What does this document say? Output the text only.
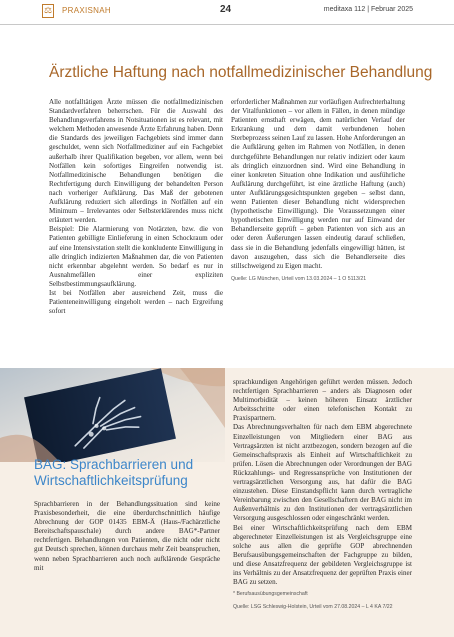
⚖ PRAXISNAH	24	meditaxa 112 | Februar 2025
Ärztliche Haftung nach notfallmedizinischer Behandlung

Alle notfalltätigen Ärzte müssen die notfallmedizinischen Standardverfahren beherrschen. Für die Auswahl des Behandlungsverfahrens in Notsituationen ist es relevant, mit welchem Methoden anwesende Ärzte Erfahrung haben. Denn die Standards des jeweiligen Fachgebiets sind immer dann geschuldet, wenn sich Notfallmediziner auf ein Fachgebiet außerhalb ihrer Qualifikation begeben, vor allem, wenn bei Notfällen kein sofortiges Eingreifen notwendig ist. Notfallmedizinische Behandlungen benötigen die Rechtfertigung durch Einwilligung der behandelten Person nach vorheriger Aufklärung. Das Maß der gebotenen Aufklärung reduziert sich allerdings in Notfällen auf ein Minimum – Irrelevantes oder Selbsterklärendes muss nicht erläutert werden.

Beispiel: Die Alarmierung von Notärzten, bzw. die von Patienten gebilligte Einlieferung in einen Schockraum oder auf eine Intensivstation stellt die konkludente Einwilligung in alle dringlich indizierten Maßnahmen dar, die von Patienten nicht erkennbar abgelehnt werden. So bedarf es nur in Ausnahmefällen einer expliziten Selbstbestimmungsaufklärung.

Ist bei Notfällen aber ausreichend Zeit, muss die Patienteneinwilligung eingeholt werden – nach Ergreifung sofort

erforderlicher Maßnahmen zur vorläufigen Aufrechterhaltung der Vitalfunktionen – vor allem in Fällen, in denen mündige Patienten ernsthaft erwägen, dem natürlichen Verlauf der Erkrankung und dem damit verbundenen hohen Sterbeprozess seinen Lauf zu lassen. Hohe Anforderungen an die Aufklärung gelten im Rahmen von Notfällen, in denen durchgeführte Behandlungen nur relativ indiziert oder kaum als dringlich einzuordnen sind. Wird eine Behandlung in einer konkreten Situation ohne Indikation und ausführliche Aufklärung durchgeführt, ist eine ärztliche Haftung (auch) unter Aufklärungsgesichtspunkten gegeben – selbst dann, wenn Patienten dieser Behandlung nicht widersprechen (hypothetische Einwilligung). Die Voraussetzungen einer hypothetischen Einwilligung werden nur auf Einwand der Behandlerseite geprüft – geben Patienten von sich aus an oder deren Äußerungen lassen eindeutig darauf schließen, dass sie in die Behandlung jedenfalls eingewilligt hätten, ist davon auszugehen, dass sich die Behandlerseite dies stillschweigend zu Eigen macht.

Quelle: LG München, Urteil vom 13.03.2024 – 1 O 5113/21

BAG: Sprachbarrieren und Wirtschaftlichkeitsprüfung

Sprachbarrieren in der Behandlungssituation sind keine Praxisbesonderheit, die eine überdurchschnittlich häufige Abrechnung der GOP 01435 EBM-Ä (Haus-/Fachärztliche Bereitschaftspauschale) durch andere BAG*-Partner rechtfertigen. Behandlungen von Patienten, die nicht oder nicht gut Deutsch sprechen, können durchaus mehr Zeit beanspruchen, wenn neben Sprachbarrieren auch noch aufklärende Gespräche mit

sprachkundigen Angehörigen geführt werden müssen. Jedoch rechtfertigen Sprachbarrieren – anders als Diagnosen oder Multimorbidität – keinen höheren Einsatz ärztlicher Arbeitsschritte oder einen telefonischen Kontakt zu Praxispartnern.

Das Abrechnungsverhalten für nach dem EBM abgerechnete Einzelleistungen von Mitgliedern einer BAG aus Vertragsärzten ist nicht arztbezogen, sondern bezogen auf die Gemeinschaftspraxis als Einheit auf Wirtschaftlichkeit zu prüfen. Lösen die Abrechnungen oder Verordnungen der BAG Rückzahlungs- und Regressansprüche von Institutionen der vertragsärztlichen Versorgung aus, hat dafür die BAG einzustehen. Diese Einstandspflicht kann durch vertragliche Vereinbarung zwischen den Gesellschaftern der BAG nicht im Außenverhältnis zu den Institutionen der vertragsärztlichen Versorgung ausgeschlossen oder eingeschränkt werden.

Bei einer Wirtschaftlichkeitsprüfung nach dem EBM abgerechneter Einzelleistungen ist als Vergleichsgruppe eine solche aus allen die geprüfte GOP abrechnenden Berufsausübungsgemeinschaften der Fachgruppe zu bilden, und diese Ansatzfrequenz der gebildeten Vergleichsgruppe ist ins Verhältnis zu der Ansatzfrequenz der geprüften Praxis einer BAG zu setzen.

* Berufsausübungsgemeinschaft

Quelle: LSG Schleswig-Holstein, Urteil vom 27.08.2024 – L 4 KA 7/22
